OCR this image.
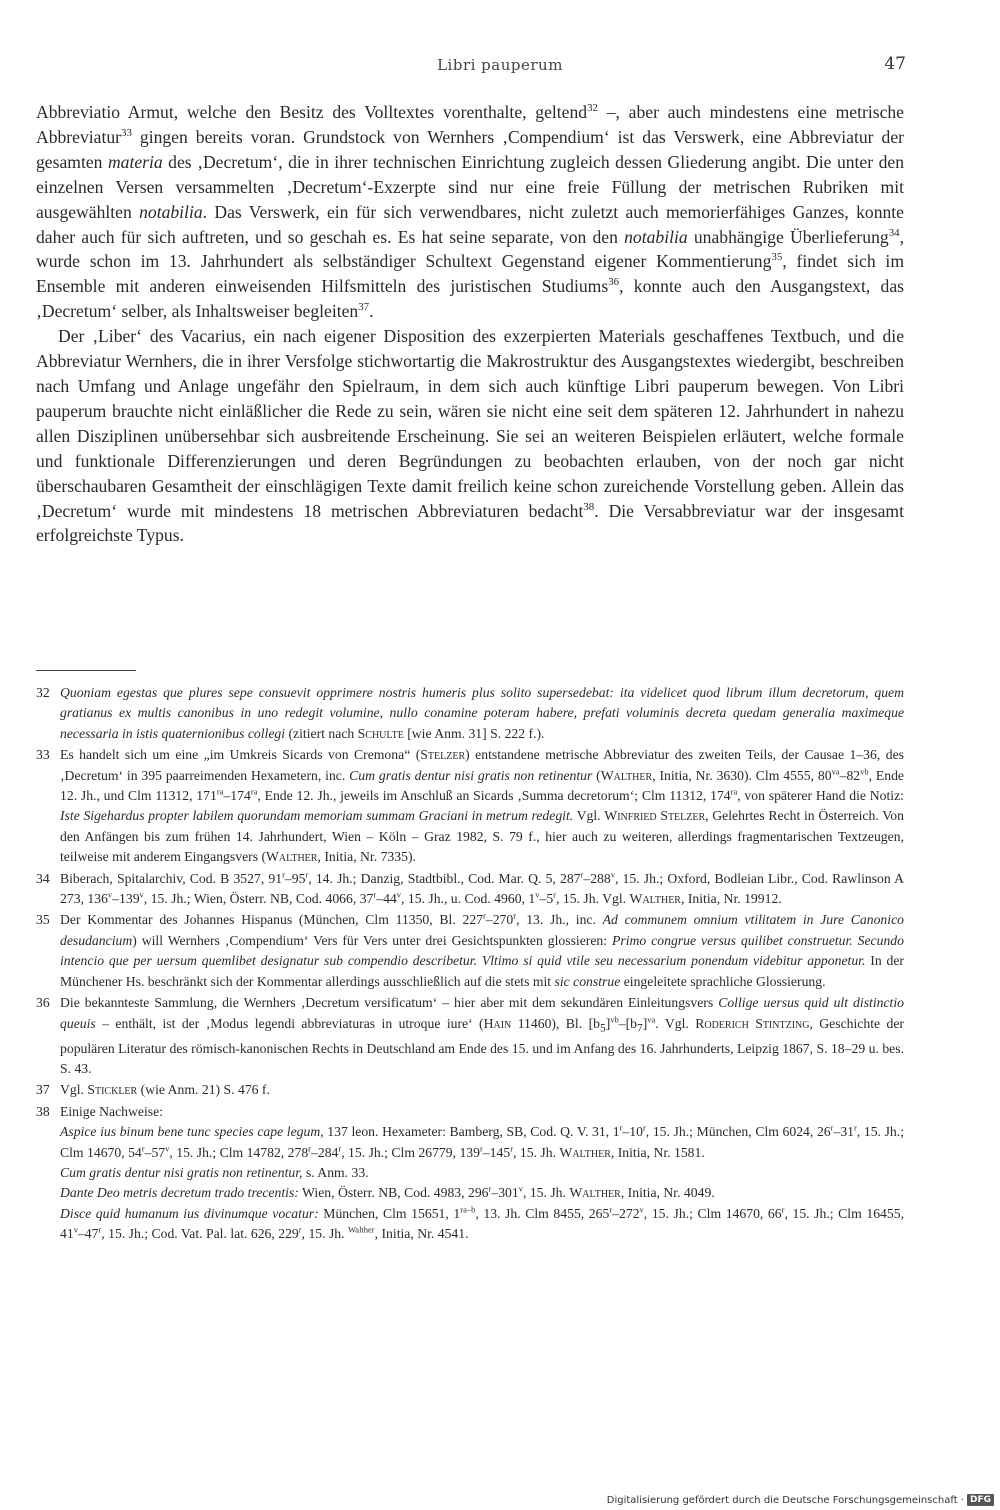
Libri pauperum	47

Abbreviatio Armut, welche den Besitz des Volltextes vorenthalte, geltend$^{32}$ –, aber auch mindestens eine metrische Abbreviatur$^{33}$ gingen bereits voran. Grundstock von Wernhers ‚Compendium‘ ist das Verswerk, eine Abbreviatur der gesamten materia des ‚Decretum‘, die in ihrer technischen Einrichtung zugleich dessen Gliederung angibt. Die unter den einzelnen Versen versammelten ‚Decretum‘-Exzerpte sind nur eine freie Füllung der metrischen Rubriken mit ausgewählten notabilia. Das Verswerk, ein für sich verwendbares, nicht zuletzt auch memorierfähiges Ganzes, konnte daher auch für sich auftreten, und so geschah es. Es hat seine separate, von den notabilia unabhängige Überlieferung$^{34}$, wurde schon im 13. Jahrhundert als selbständiger Schultext Gegenstand eigener Kommentierung$^{35}$, findet sich im Ensemble mit anderen einweisenden Hilfsmitteln des juristischen Studiums$^{36}$, konnte auch den Ausgangstext, das ‚Decretum‘ selber, als Inhaltsweiser begleiten$^{37}$.

Der ‚Liber‘ des Vacarius, ein nach eigener Disposition des exzerpierten Materials geschaffenes Textbuch, und die Abbreviatur Wernhers, die in ihrer Versfolge stichwortartig die Makrostruktur des Ausgangstextes wiedergibt, beschreiben nach Umfang und Anlage ungefähr den Spielraum, in dem sich auch künftige Libri pauperum bewegen. Von Libri pauperum brauchte nicht einläßlicher die Rede zu sein, wären sie nicht eine seit dem späteren 12. Jahrhundert in nahezu allen Disziplinen unübersehbar sich ausbreitende Erscheinung. Sie sei an weiteren Beispielen erläutert, welche formale und funktionale Differenzierungen und deren Begründungen zu beobachten erlauben, von der noch gar nicht überschaubaren Gesamtheit der einschlägigen Texte damit freilich keine schon zureichende Vorstellung geben. Allein das ‚Decretum‘ wurde mit mindestens 18 metrischen Abbreviaturen bedacht$^{38}$. Die Versabbreviatur war der insgesamt erfolgreichste Typus.

32 Quoniam egestas que plures sepe consuevit opprimere nostris humeris plus solito supersedebat: ita videlicet quod librum illum decretorum, quem gratianus ex multis canonibus in uno redegit volumine, nullo conamine poteram habere, prefati voluminis decreta quedam generalia maximeque necessaria in istis quaternionibus collegi (zitiert nach Schulte [wie Anm. 31] S. 222 f.).
33 Es handelt sich um eine „im Umkreis Sicards von Cremona“ (Stelzer) entstandene metrische Abbreviatur des zweiten Teils, der Causae 1–36, des ‚Decretum‘ in 395 paarreimenden Hexametern, inc. Cum gratis dentur nisi gratis non retinentur (Walther, Initia, Nr. 3630). Clm 4555, $80^{va}-82^{vb}$, Ende 12. Jh., und Clm 11312, $171^{ra}-174^{ra}$, Ende 12. Jh., jeweils im Anschluß an Sicards ‚Summa decretorum‘; Clm 11312, $174^{ra}$, von späterer Hand die Notiz: Iste Sigehardus propter labilem quorundam memoriam summam Graciani in metrum redegit. Vgl. Winfried Stelzer, Gelehrtes Recht in Österreich. Von den Anfängen bis zum frühen 14. Jahrhundert, Wien – Köln – Graz 1982, S. 79 f., hier auch zu weiteren, allerdings fragmentarischen Textzeugen, teilweise mit anderem Eingangsvers (Walther, Initia, Nr. 7335).
34 Biberach, Spitalarchiv, Cod. B 3527, 91$^r$–95$^r$, 14. Jh.; Danzig, Stadtbibl., Cod. Mar. Q. 5, 287$^r$–288$^v$, 15. Jh.; Oxford, Bodleian Libr., Cod. Rawlinson A 273, 136$^v$–139$^v$, 15. Jh.; Wien, Österr. NB, Cod. 4066, 37$^r$–44$^v$, 15. Jh., u. Cod. 4960, 1$^v$–5$^r$, 15. Jh. Vgl. Walther, Initia, Nr. 19912.
35 Der Kommentar des Johannes Hispanus (München, Clm 11350, Bl. 227$^r$–270$^r$, 13. Jh., inc. Ad communem omnium vtilitatem in Jure Canonico desudancium) will Wernhers ‚Compendium‘ Vers für Vers unter drei Gesichtspunkten glossieren: Primo congrue versus quilibet construetur. Secundo intencio que per uersum quemlibet designatur sub compendio describetur. Vltimo si quid vtile seu necessarium ponendum videbitur apponetur. In der Münchener Hs. beschränkt sich der Kommentar allerdings ausschließlich auf die stets mit sic construe eingeleitete sprachliche Glossierung.
36 Die bekannteste Sammlung, die Wernhers ‚Decretum versificatum‘ – hier aber mit dem sekundären Einleitungsvers Collige uersus quid ult distinctio queuis – enthält, ist der ‚Modus legendi abbreviaturas in utroque iure‘ (Hain 11460), Bl. $[b_5]^{vb}-[b_7]^{va}$. Vgl. Roderich Stintzing, Geschichte der populären Literatur des römisch-kanonischen Rechts in Deutschland am Ende des 15. und im Anfang des 16. Jahrhunderts, Leipzig 1867, S. 18–29 u. bes. S. 43.
37 Vgl. Stickler (wie Anm. 21) S. 476 f.
38 Einige Nachweise:
Aspice ius binum bene tunc species cape legum, 137 leon. Hexameter: Bamberg, SB, Cod. Q. V. 31, 1$^r$–10$^r$, 15. Jh.; München, Clm 6024, 26$^r$–31$^r$, 15. Jh.; Clm 14670, 54$^r$–57$^v$, 15. Jh.; Clm 14782, 278$^r$–284$^r$, 15. Jh.; Clm 26779, 139$^r$–145$^r$, 15. Jh. Walther, Initia, Nr. 1581.
Cum gratis dentur nisi gratis non retinentur, s. Anm. 33.
Dante Deo metris decretum trado trecentis: Wien, Österr. NB, Cod. 4983, 296$^r$–301$^v$, 15. Jh. Walther, Initia, Nr. 4049.
Disce quid humanum ius divinumque vocatur: München, Clm 15651, $1^{ra-b}$, 13. Jh. Clm 8455, 265$^r$–272$^v$, 15. Jh.; Clm 14670, 66$^r$, 15. Jh.; Clm 16455, 41$^v$–47$^r$, 15. Jh.; Cod. Vat. Pal. lat. 626, 229$^r$, 15. Jh. $^{Walther}$, Initia, Nr. 4541.
Digitalisierung gefördert durch die Deutsche Forschungsgemeinschaft · DFG
